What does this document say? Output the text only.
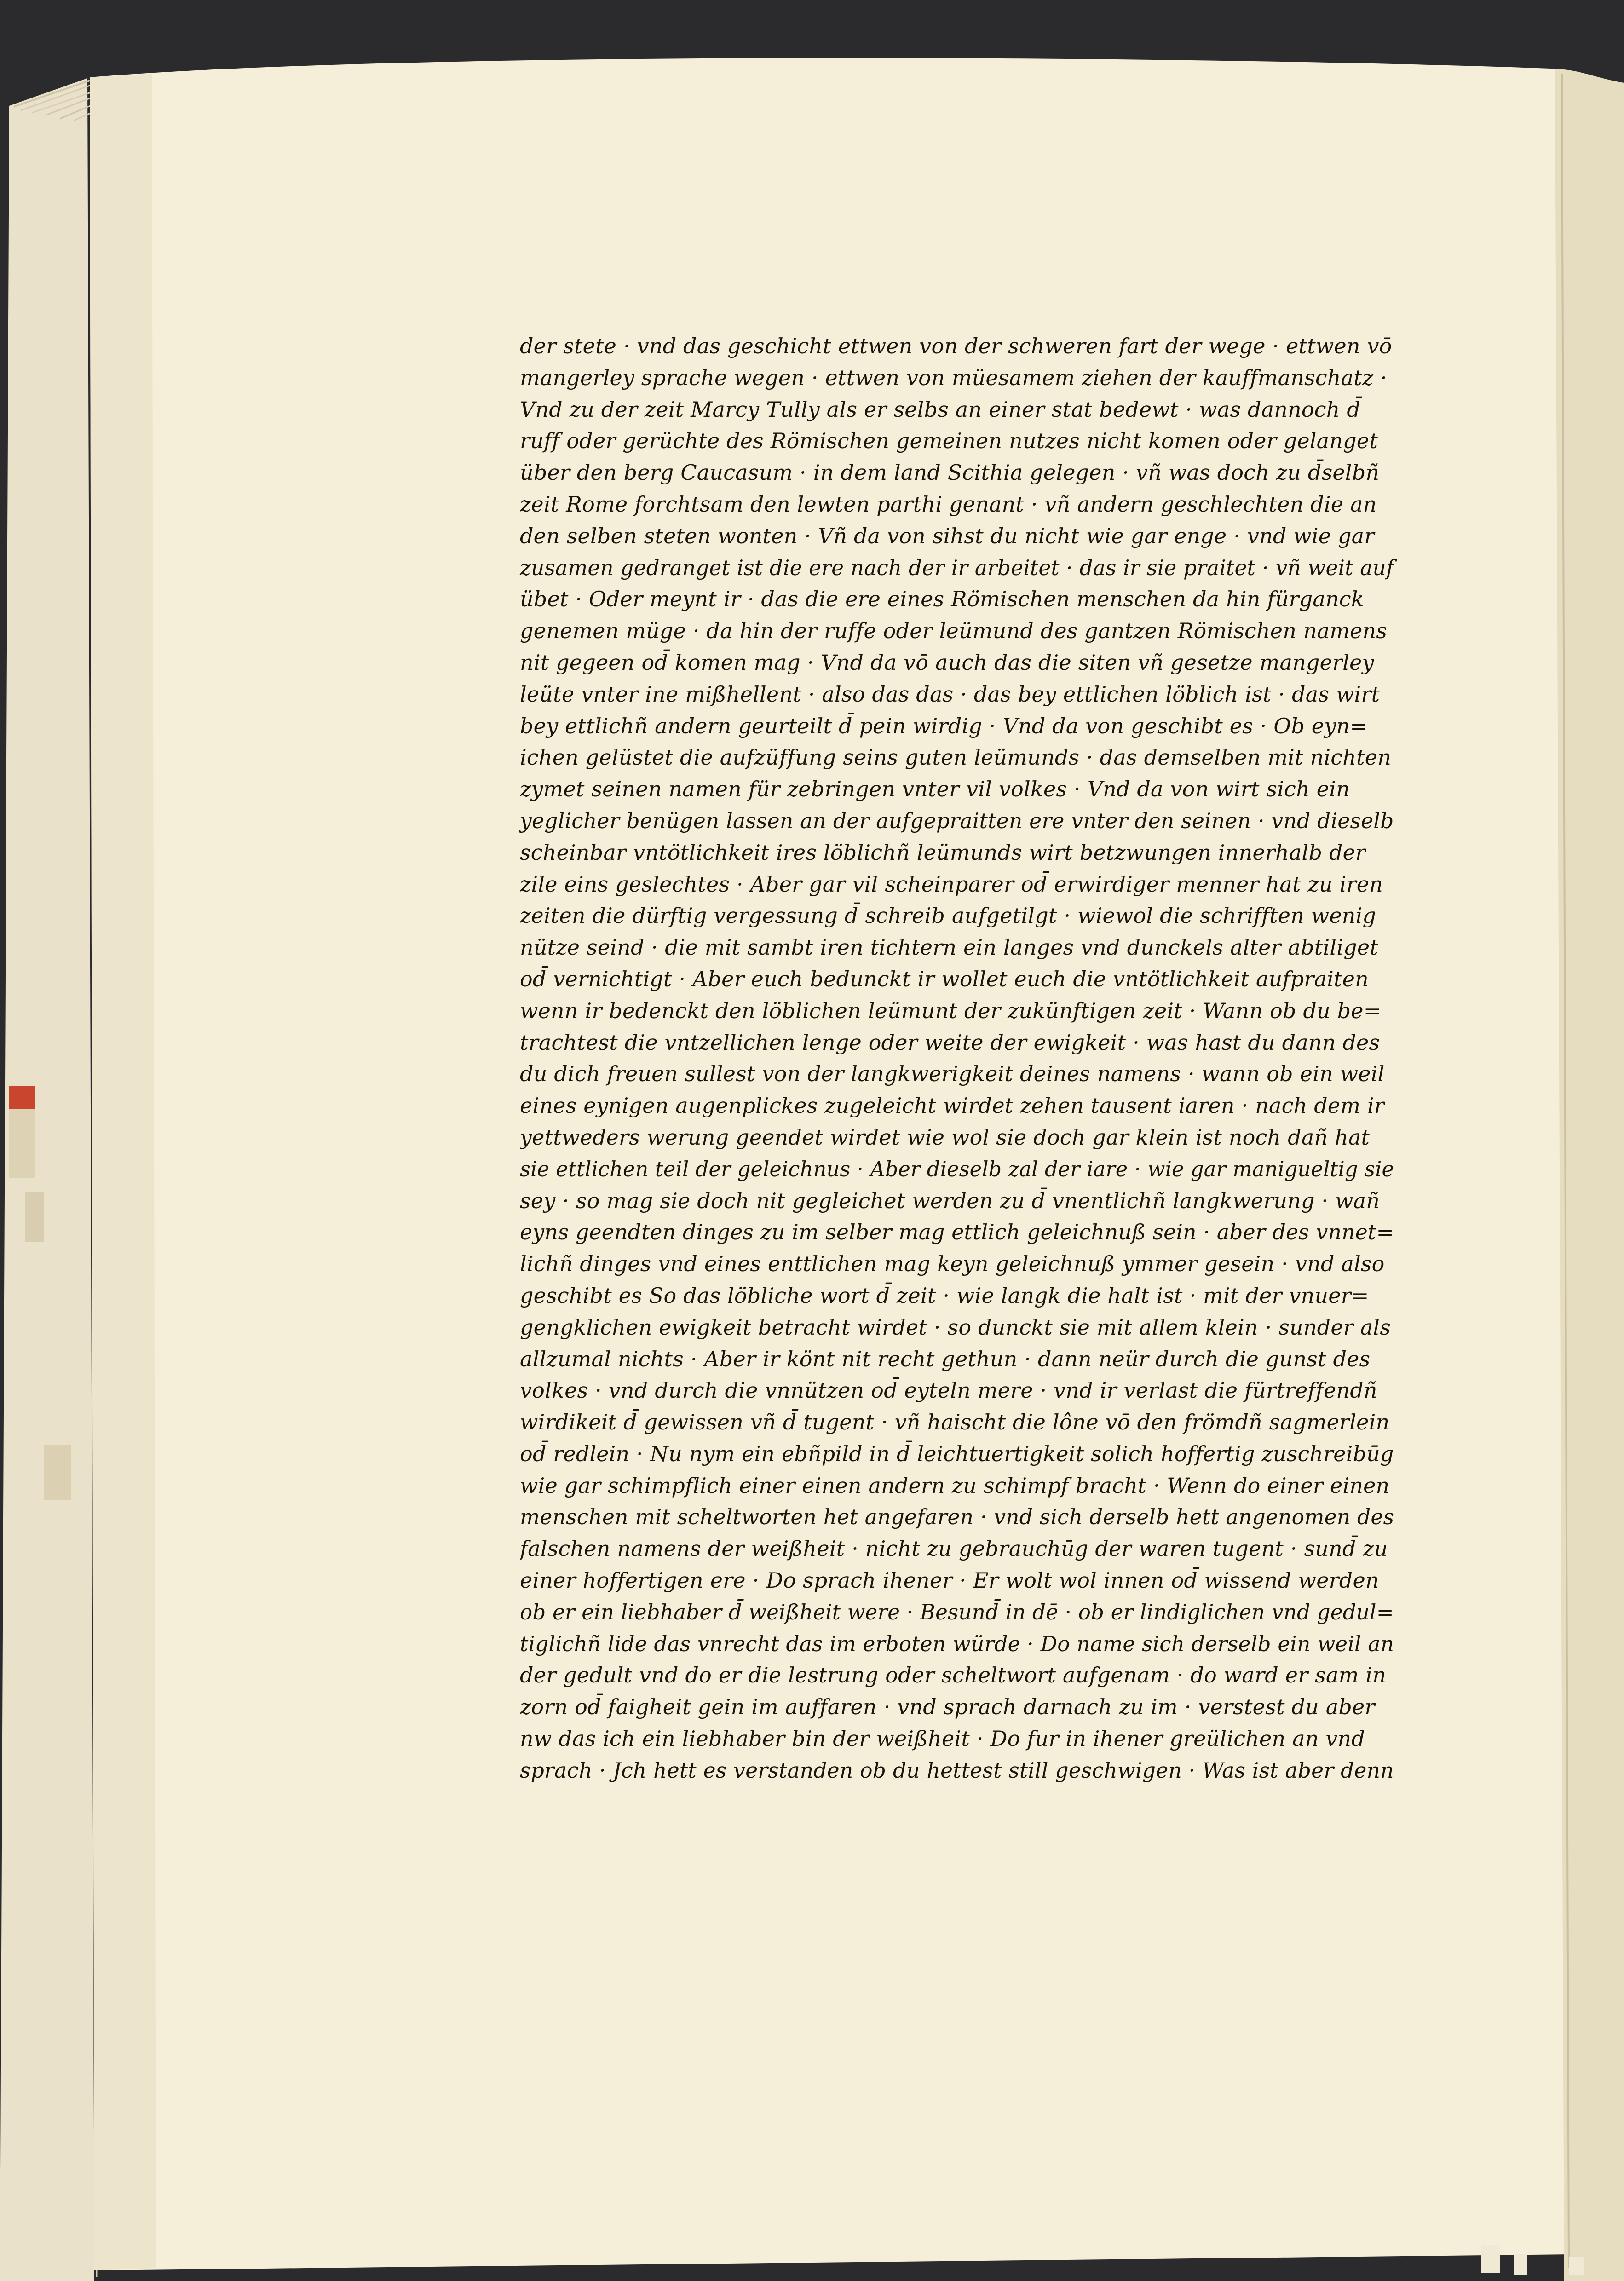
der stete · vnd das geschicht ettwen von der schweren fart der wege · ettwen vō
mangerley sprache wegen · ettwen von müesamem ziehen der kauffmanschatz ·
Vnd zu der zeit Marcy Tully als er selbs an einer stat bedewt · was dannoch d̄
ruff oder gerüchte des Römischen gemeinen nutzes nicht komen oder gelanget
über den berg Caucasum · in dem land Scithia gelegen · vñ was doch zu d̄selbñ
zeit Rome forchtsam den lewten parthi genant · vñ andern geschlechten die an
den selben steten wonten · Vñ da von sihst du nicht wie gar enge · vnd wie gar
zusamen gedranget ist die ere nach der ir arbeitet · das ir sie praitet · vñ weit auf
übet · Oder meynt ir · das die ere eines Römischen menschen da hin fürganck
genemen müge · da hin der ruffe oder leümund des gantzen Römischen namens
nit gegeen od̄ komen mag · Vnd da vō auch das die siten vñ gesetze mangerley
leüte vnter ine mißhellent · also das das · das bey ettlichen löblich ist · das wirt
bey ettlichñ andern geurteilt d̄ pein wirdig · Vnd da von geschibt es · Ob eyn=
ichen gelüstet die aufzüffung seins guten leümunds · das demselben mit nichten
zymet seinen namen für zebringen vnter vil volkes · Vnd da von wirt sich ein
yeglicher benügen lassen an der aufgepraitten ere vnter den seinen · vnd dieselb
scheinbar vntötlichkeit ires löblichñ leümunds wirt betzwungen innerhalb der
zile eins geslechtes · Aber gar vil scheinparer od̄ erwirdiger menner hat zu iren
zeiten die dürftig vergessung d̄ schreib aufgetilgt · wiewol die schrifften wenig
nütze seind · die mit sambt iren tichtern ein langes vnd dunckels alter abtiliget
od̄ vernichtigt · Aber euch bedunckt ir wollet euch die vntötlichkeit aufpraiten
wenn ir bedenckt den löblichen leümunt der zukünftigen zeit · Wann ob du be=
trachtest die vntzellichen lenge oder weite der ewigkeit · was hast du dann des
du dich freuen sullest von der langkwerigkeit deines namens · wann ob ein weil
eines eynigen augenplickes zugeleicht wirdet zehen tausent iaren · nach dem ir
yettweders werung geendet wirdet wie wol sie doch gar klein ist noch dañ hat
sie ettlichen teil der geleichnus · Aber dieselb zal der iare · wie gar manigueltig sie
sey · so mag sie doch nit gegleichet werden zu d̄ vnentlichñ langkwerung · wañ
eyns geendten dinges zu im selber mag ettlich geleichnuß sein · aber des vnnet=
lichñ dinges vnd eines enttlichen mag keyn geleichnuß ymmer gesein · vnd also
geschibt es So das löbliche wort d̄ zeit · wie langk die halt ist · mit der vnuer=
gengklichen ewigkeit betracht wirdet · so dunckt sie mit allem klein · sunder als
allzumal nichts · Aber ir könt nit recht gethun · dann neür durch die gunst des
volkes · vnd durch die vnnützen od̄ eyteln mere · vnd ir verlast die fürtreffendñ
wirdikeit d̄ gewissen vñ d̄ tugent · vñ haischt die lône vō den frömdñ sagmerlein
od̄ redlein · Nu nym ein ebñpild in d̄ leichtuertigkeit solich hoffertig zuschreibūg
wie gar schimpflich einer einen andern zu schimpf bracht · Wenn do einer einen
menschen mit scheltworten het angefaren · vnd sich derselb hett angenomen des
falschen namens der weißheit · nicht zu gebrauchūg der waren tugent · sund̄ zu
einer hoffertigen ere · Do sprach ihener · Er wolt wol innen od̄ wissend werden
ob er ein liebhaber d̄ weißheit were · Besund̄ in dē · ob er lindiglichen vnd gedul=
tiglichñ lide das vnrecht das im erboten würde · Do name sich derselb ein weil an
der gedult vnd do er die lestrung oder scheltwort aufgenam · do ward er sam in
zorn od̄ faigheit gein im auffaren · vnd sprach darnach zu im · verstest du aber
nw das ich ein liebhaber bin der weißheit · Do fur in ihener greülichen an vnd
sprach · Jch hett es verstanden ob du hettest still geschwigen · Was ist aber denn
